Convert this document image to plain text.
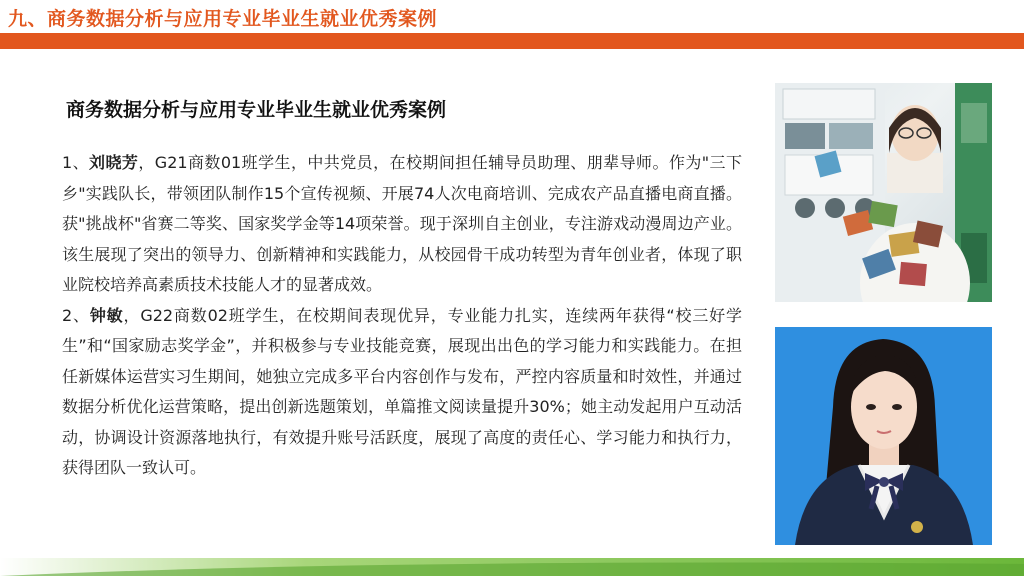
九、商务数据分析与应用专业毕业生就业优秀案例
商务数据分析与应用专业毕业生就业优秀案例

1、刘晓芳，G21商数01班学生，中共党员，在校期间担任辅导员助理、朋辈导师。作为"三下乡"实践队长，带领团队制作15个宣传视频、开展74人次电商培训、完成农产品直播电商直播。获"挑战杯"省赛二等奖、国家奖学金等14项荣誉。现于深圳自主创业，专注游戏动漫周边产业。该生展现了突出的领导力、创新精神和实践能力，从校园骨干成功转型为青年创业者，体现了职业院校培养高素质技术技能人才的显著成效。

2、钟敏，G22商数02班学生，在校期间表现优异，专业能力扎实，连续两年获得“校三好学生”和“国家励志奖学金”，并积极参与专业技能竞赛，展现出出色的学习能力和实践能力。在担任新媒体运营实习生期间，她独立完成多平台内容创作与发布，严控内容质量和时效性，并通过数据分析优化运营策略，提出创新选题策划，单篇推文阅读量提升30%；她主动发起用户互动活动，协调设计资源落地执行，有效提升账号活跃度，展现了高度的责任心、学习能力和执行力，获得团队一致认可。
